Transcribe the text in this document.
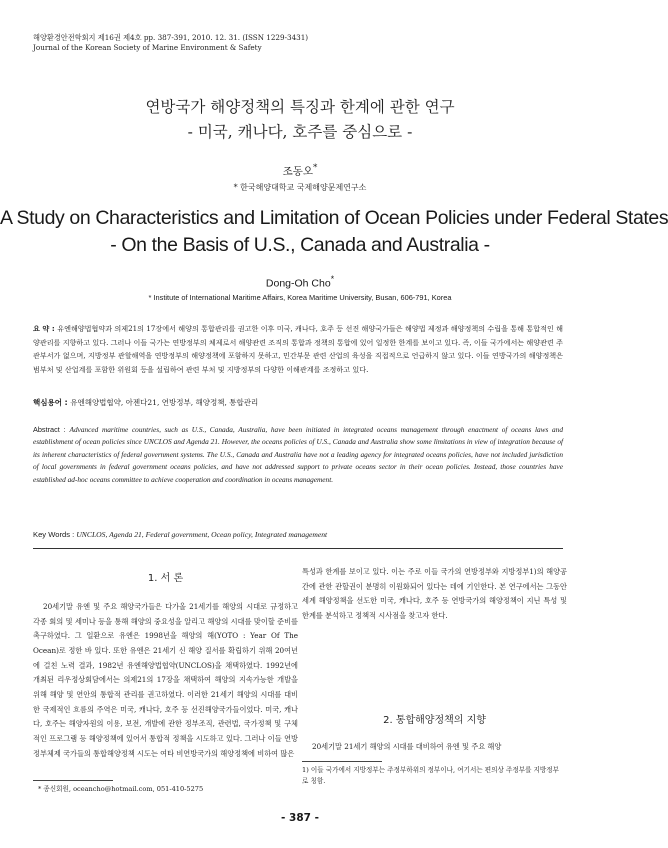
해양환경안전학회지 제16권 제4호 pp. 387-391, 2010. 12. 31. (ISSN 1229-3431)
Journal of the Korean Society of Marine Environment & Safety
연방국가 해양정책의 특징과 한계에 관한 연구
- 미국, 캐나다, 호주를 중심으로 -
조동오*
* 한국해양대학교 국제해양문제연구소
A Study on Characteristics and Limitation of Ocean Policies under Federal States
- On the Basis of U.S., Canada and Australia -
Dong-Oh Cho*
* Institute of International Maritime Affairs, Korea Maritime University, Busan, 606-791, Korea
요 약 : 유엔해양법협약과 의제21의 17장에서 해양의 통합관리를 권고한 이후 미국, 캐나다, 호주 등 선진 해양국가들은 해양법 제정과 해양정책의 수립을 통해 통합적인 해양관리를 지향하고 있다. 그러나 이들 국가는 연방정부의 체제로서 해양관련 조직의 통합과 정책의 통합에 있어 일정한 한계를 보이고 있다. 즉, 이들 국가에서는 해양관련 주관부서가 없으며, 지방정부 관할해역을 연방정부의 해양정책에 포함하지 못하고, 민간부문 관련 산업의 육성을 직접적으로 언급하지 않고 있다. 이들 연방국가의 해양정책은 범부처 및 산업계를 포함한 위원회 등을 설립하여 관련 부처 및 지방정부의 다양한 이해관계를 조정하고 있다.
핵심용어 : 유엔해양법협약, 아젠다21, 연방정부, 해양정책, 통합관리
Abstract : Advanced maritime countries, such as U.S., Canada, Australia, have been initiated in integrated oceans management through enactment of oceans laws and establishment of ocean policies since UNCLOS and Agenda 21. However, the oceans policies of U.S., Canada and Australia show some limitations in view of integration because of its inherent characteristics of federal government systems. The U.S., Canada and Australia have not a leading agency for integrated oceans policies, have not included jurisdiction of local governments in federal government oceans policies, and have not addressed support to private oceans sector in their ocean policies. Instead, those countries have established ad-hoc oceans committee to achieve cooperation and coordination in oceans management.
Key Words : UNCLOS, Agenda 21, Federal government, Ocean policy, Integrated management
1. 서 론

20세기말 유엔 및 주요 해양국가들은 다가올 21세기를 해양의 시대로 규정하고 각종 회의 및 세미나 등을 통해 해양의 중요성을 알리고 해양의 시대를 맞이할 준비를 촉구하였다. 그 일환으로 유엔은 1998년을 해양의 해(YOTO : Year Of The Ocean)로 정한 바 있다. 또한 유엔은 21세기 신 해양 질서를 확립하기 위해 20여년에 걸친 노력 결과, 1982년 유엔해양법협약(UNCLOS)을 채택하였다. 1992년에 개최된 리우정상회담에서는 의제21의 17장을 채택하여 해양의 지속가능한 개발을 위해 해양 및 연안의 통합적 관리를 권고하였다. 이러한 21세기 해양의 시대를 대비한 국제적인 흐름의 주역은 미국, 캐나다, 호주 등 선진해양국가들이었다. 미국, 캐나다, 호주는 해양자원의 이용, 보전, 개발에 관한 정부조직, 관련법, 국가정책 및 구체적인 프로그램 등 해양정책에 있어서 통합적 정책을 시도하고 있다. 그러나 이들 연방정부체제 국가들의 통합해양정책 시도는 여타 비연방국가의 해양정책에 비하여 많은

특성과 한계를 보이고 있다. 이는 주로 이들 국가의 연방정부와 지방정부1)의 해양공간에 관한 관할권이 분명히 이원화되어 있다는 데에 기인한다. 본 연구에서는 그동안 세계 해양정책을 선도한 미국, 캐나다, 호주 등 연방국가의 해양정책이 지닌 특성 및 한계를 분석하고 정책적 시사점을 찾고자 한다.

2. 통합해양정책의 지향

20세기말 21세기 해양의 시대를 대비하여 유엔 및 주요 해양

* 종신회원, oceancho@hotmail.com, 051-410-5275
1) 이들 국가에서 지방정부는 주정부하위의 정부이나, 여기서는 편의상 주정부를 지방정부로 칭함.
- 387 -
